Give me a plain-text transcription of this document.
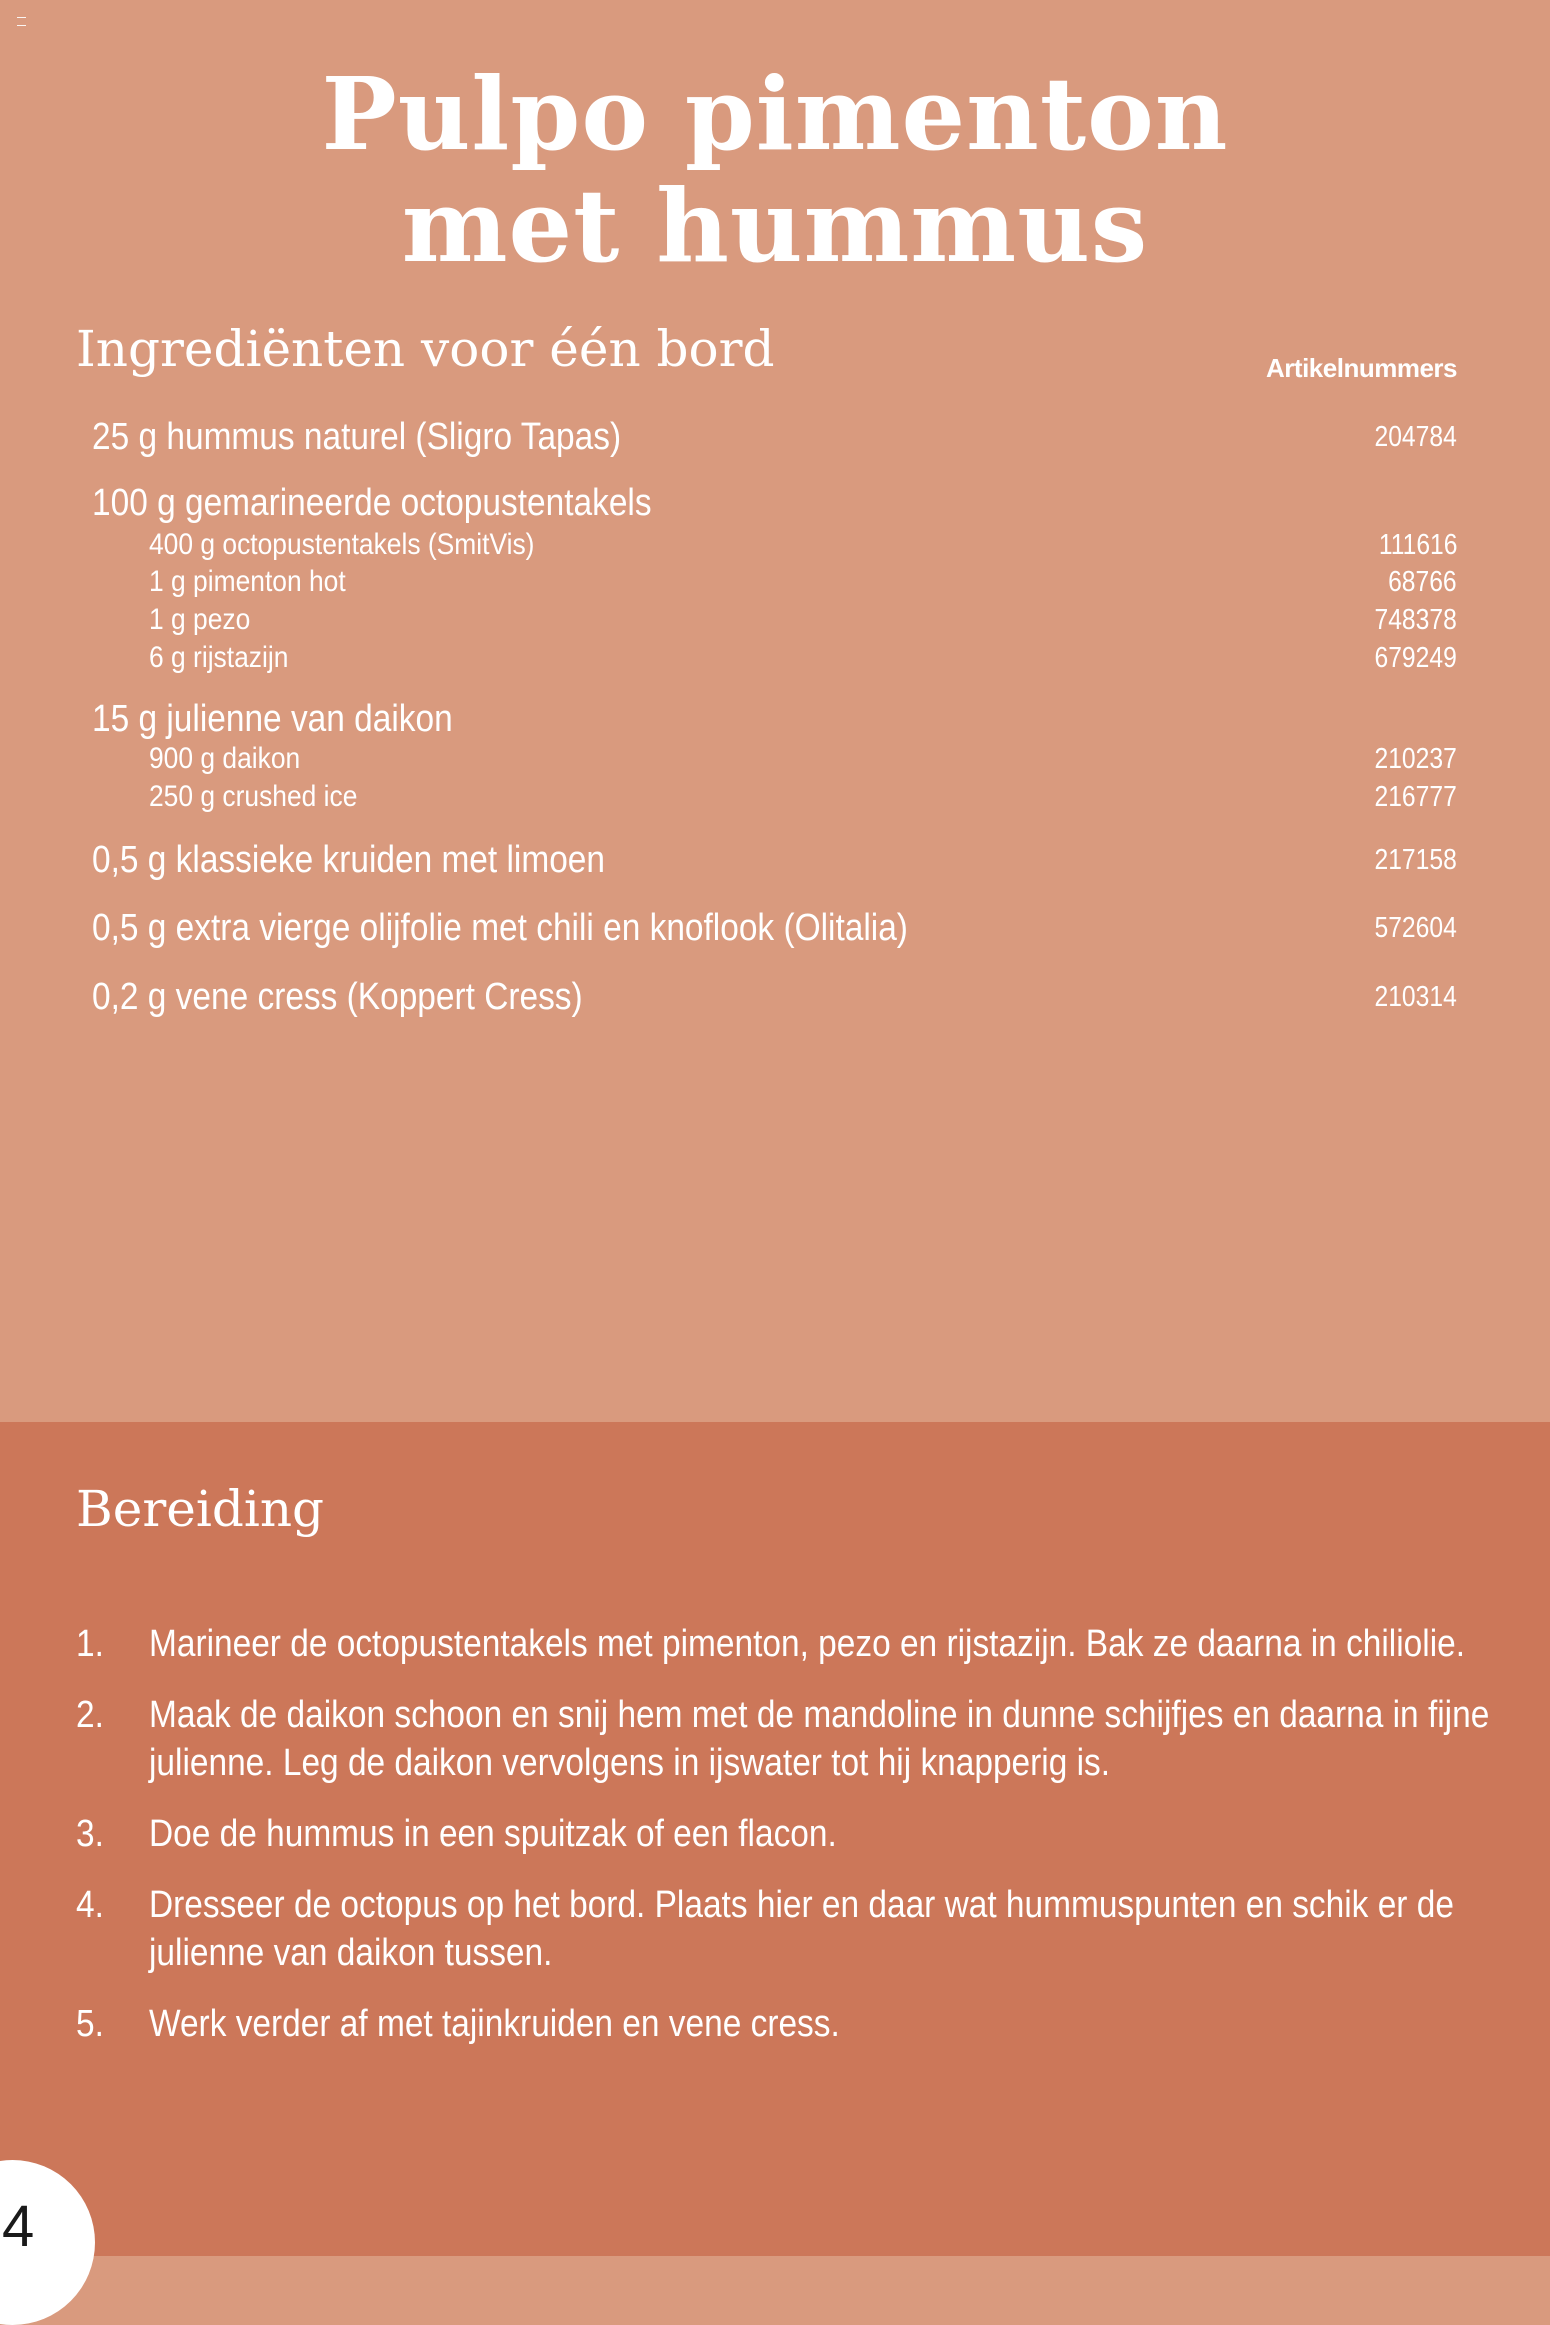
Pulpo pimenton
met hummus
Ingrediënten voor één bord	Artikelnummers
25 g hummus naturel (Sligro Tapas)	204784
100 g gemarineerde octopustentakels
400 g octopustentakels (SmitVis)	111616
1 g pimenton hot	68766
1 g pezo	748378
6 g rijstazijn	679249
15 g julienne van daikon
900 g daikon	210237
250 g crushed ice	216777
0,5 g klassieke kruiden met limoen	217158
0,5 g extra vierge olijfolie met chili en knoflook (Olitalia)	572604
0,2 g vene cress (Koppert Cress)	210314
Bereiding
1. Marineer de octopustentakels met pimenton, pezo en rijstazijn. Bak ze daarna in chiliolie.
2. Maak de daikon schoon en snij hem met de mandoline in dunne schijfjes en daarna in fijne julienne. Leg de daikon vervolgens in ijswater tot hij knapperig is.
3. Doe de hummus in een spuitzak of een flacon.
4. Dresseer de octopus op het bord. Plaats hier en daar wat hummuspunten en schik er de julienne van daikon tussen.
5. Werk verder af met tajinkruiden en vene cress.
4
